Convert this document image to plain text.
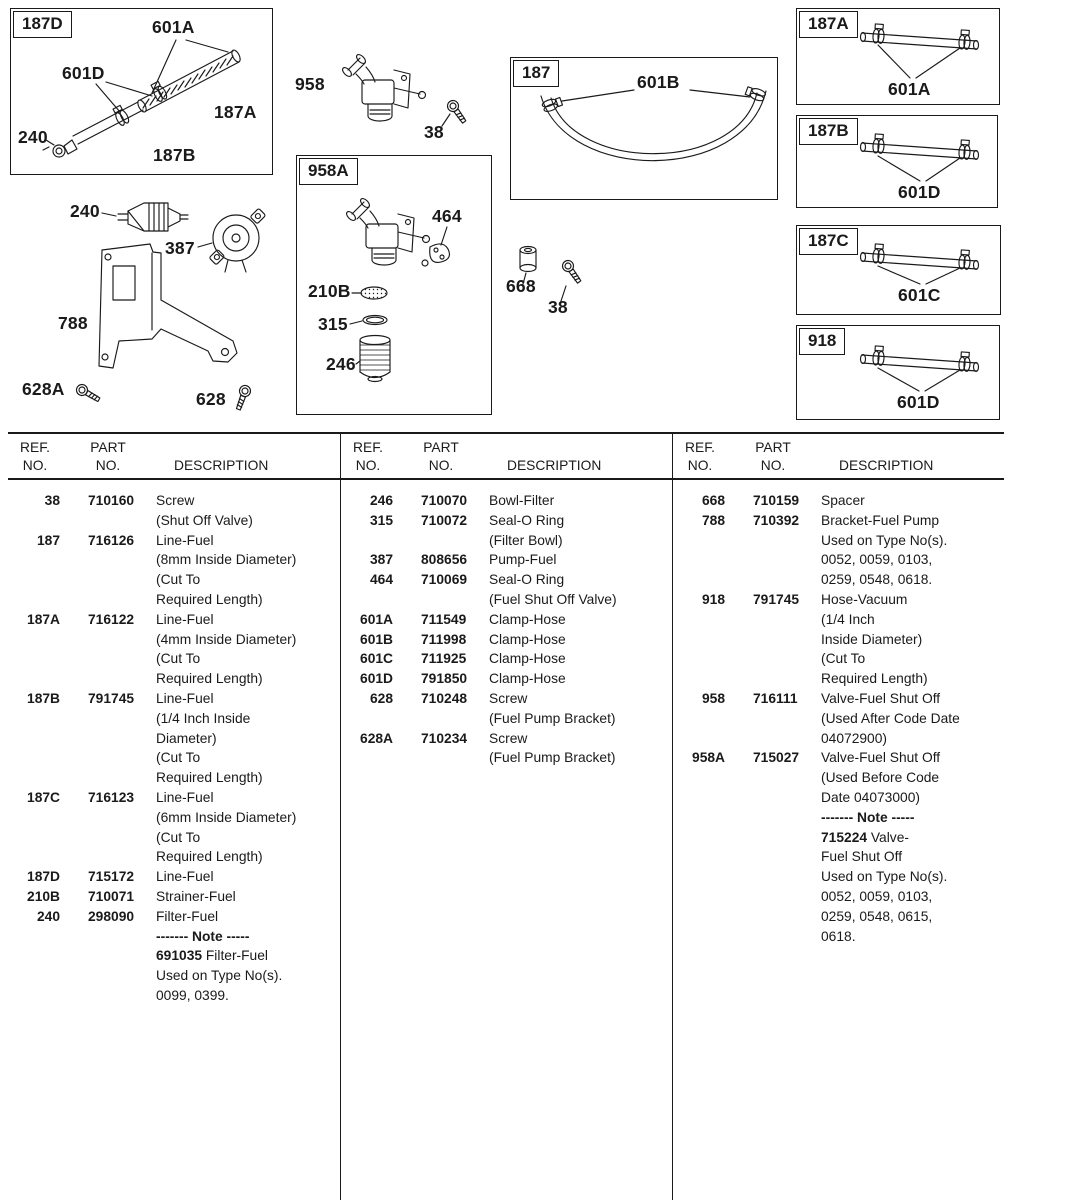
187D
187
958A
187A
187B
187C
918
601A
601D
240
187A
187B
958
38
601B	601A
601D
601C
601D
240
387
788
628A	628
464
210B
315
246
668
38
REF.	PART
NO.	NO.	DESCRIPTION
38	710160	Screw
(Shut Off Valve)
187	716126	Line-Fuel
(8mm Inside Diameter)
(Cut To
Required Length)
187A	716122	Line-Fuel
(4mm Inside Diameter)
(Cut To
Required Length)
187B	791745	Line-Fuel
(1/4 Inch Inside
Diameter)
(Cut To
Required Length)
187C	716123	Line-Fuel
(6mm Inside Diameter)
(Cut To
Required Length)
187D	715172	Line-Fuel
210B	710071	Strainer-Fuel
240	298090	Filter-Fuel
------- Note -----
691035 Filter-Fuel
Used on Type No(s).
0099, 0399.
REF.	PART
NO.	NO.	DESCRIPTION
246	710070	Bowl-Filter
315	710072	Seal-O Ring
(Filter Bowl)
387	808656	Pump-Fuel
464	710069	Seal-O Ring
(Fuel Shut Off Valve)
601A	711549	Clamp-Hose
601B	711998	Clamp-Hose
601C	711925	Clamp-Hose
601D	791850	Clamp-Hose
628	710248	Screw
(Fuel Pump Bracket)
628A	710234	Screw
(Fuel Pump Bracket)
REF.	PART
NO.	NO.	DESCRIPTION
668	710159	Spacer
788	710392	Bracket-Fuel Pump
Used on Type No(s).
0052, 0059, 0103,
0259, 0548, 0618.
918	791745	Hose-Vacuum
(1/4 Inch
Inside Diameter)
(Cut To
Required Length)
958	716111	Valve-Fuel Shut Off
(Used After Code Date
04072900)
958A	715027	Valve-Fuel Shut Off
(Used Before Code
Date 04073000)
------- Note -----
715224 Valve-
Fuel Shut Off
Used on Type No(s).
0052, 0059, 0103,
0259, 0548, 0615,
0618.
